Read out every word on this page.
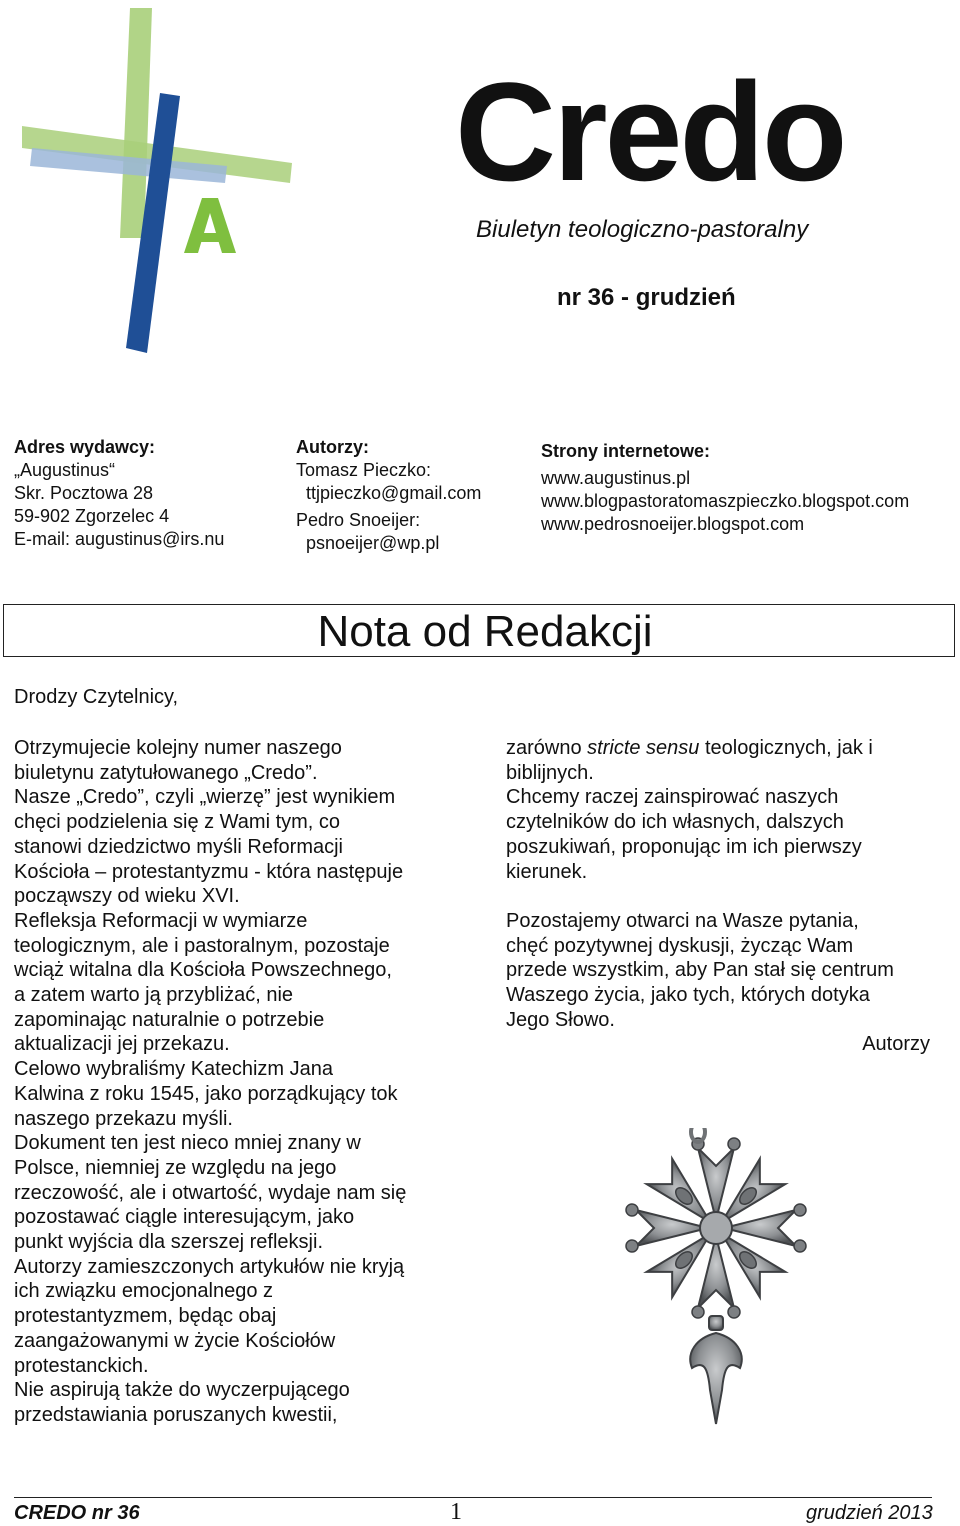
Credo
Biuletyn teologiczno-pastoralny
nr 36 - grudzień
Adres wydawcy:
„Augustinus“
Skr. Pocztowa 28
59-902 Zgorzelec 4
E-mail: augustinus@irs.nu
Autorzy:
Tomasz Pieczko:
ttjpieczko@gmail.com
Pedro Snoeijer:
psnoeijer@wp.pl
Strony internetowe:
www.augustinus.pl
www.blogpastoratomaszpieczko.blogspot.com
www.pedrosnoeijer.blogspot.com
Nota od Redakcji
Drodzy Czytelnicy,
Otrzymujecie kolejny numer naszego
biuletynu zatytułowanego „Credo”.
Nasze „Credo”, czyli „wierzę” jest wynikiem
chęci podzielenia się z Wami tym, co
stanowi dziedzictwo myśli Reformacji
Kościoła – protestantyzmu - która następuje
począwszy od wieku XVI.
Refleksja Reformacji w wymiarze
teologicznym, ale i pastoralnym, pozostaje
wciąż witalna dla Kościoła Powszechnego,
a zatem warto ją przybliżać, nie
zapominając naturalnie o potrzebie
aktualizacji jej przekazu.
Celowo wybraliśmy Katechizm Jana
Kalwina z roku 1545, jako porządkujący tok
naszego przekazu myśli.
Dokument ten jest nieco mniej znany w
Polsce, niemniej ze względu na jego
rzeczowość, ale i otwartość, wydaje nam się
pozostawać ciągle interesującym, jako
punkt wyjścia dla szerszej refleksji.
Autorzy zamieszczonych artykułów nie kryją
ich związku emocjonalnego z
protestantyzmem, będąc obaj
zaangażowanymi w życie Kościołów
protestanckich.
Nie aspirują także do wyczerpującego
przedstawiania poruszanych kwestii,
zarówno stricte sensu teologicznych, jak i
biblijnych.
Chcemy raczej zainspirować naszych
czytelników do ich własnych, dalszych
poszukiwań, proponując im ich pierwszy
kierunek.
Pozostajemy otwarci na Wasze pytania,
chęć pozytywnej dyskusji, życząc Wam
przede wszystkim, aby Pan stał się centrum
Waszego życia, jako tych, których dotyka
Jego Słowo.
Autorzy
CREDO nr 36	1	grudzień 2013
